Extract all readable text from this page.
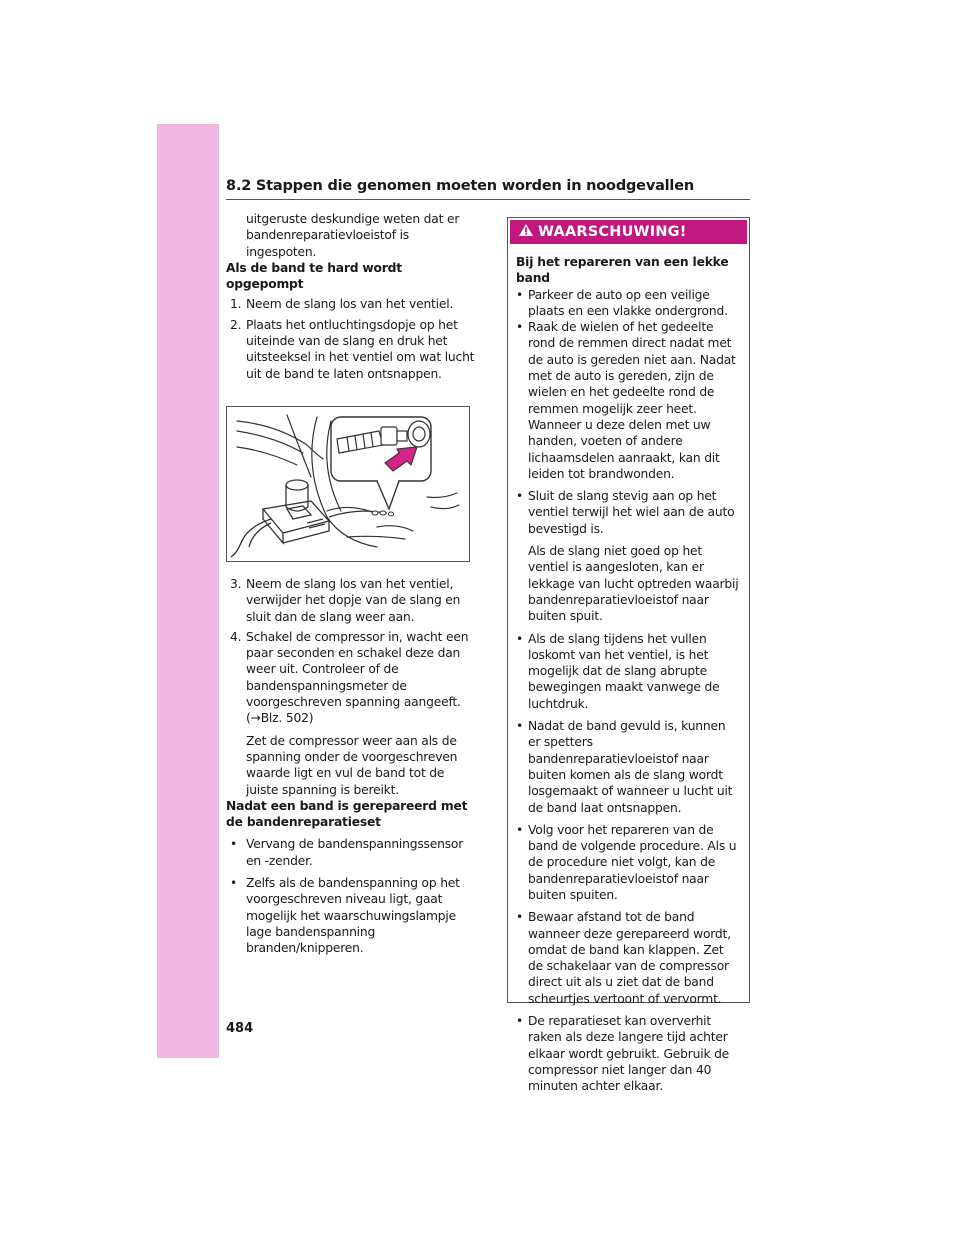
8.2 Stappen die genomen moeten worden in noodgevallen

uitgeruste deskundige weten dat er bandenreparatievloeistof is ingespoten.

Als de band te hard wordt opgepompt

1. Neem de slang los van het ventiel.

2. Plaats het ontluchtingsdopje op het uiteinde van de slang en druk het uitsteeksel in het ventiel om wat lucht uit de band te laten ontsnappen.

3. Neem de slang los van het ventiel, verwijder het dopje van de slang en sluit dan de slang weer aan.

4. Schakel de compressor in, wacht een paar seconden en schakel deze dan weer uit. Controleer of de bandenspanningsmeter de voorgeschreven spanning aangeeft. (→Blz. 502)

Zet de compressor weer aan als de spanning onder de voorgeschreven waarde ligt en vul de band tot de juiste spanning is bereikt.

Nadat een band is gerepareerd met de bandenreparatieset

• Vervang de bandenspanningssensor en -zender.

• Zelfs als de bandenspanning op het voorgeschreven niveau ligt, gaat mogelijk het waarschuwingslampje lage bandenspanning branden/knipperen.

WAARSCHUWING!

Bij het repareren van een lekke band

• Parkeer de auto op een veilige plaats en een vlakke ondergrond.

• Raak de wielen of het gedeelte rond de remmen direct nadat met de auto is gereden niet aan. Nadat met de auto is gereden, zijn de wielen en het gedeelte rond de remmen mogelijk zeer heet. Wanneer u deze delen met uw handen, voeten of andere lichaamsdelen aanraakt, kan dit leiden tot brandwonden.

• Sluit de slang stevig aan op het ventiel terwijl het wiel aan de auto bevestigd is.

Als de slang niet goed op het ventiel is aangesloten, kan er lekkage van lucht optreden waarbij bandenreparatievloeistof naar buiten spuit.

• Als de slang tijdens het vullen loskomt van het ventiel, is het mogelijk dat de slang abrupte bewegingen maakt vanwege de luchtdruk.

• Nadat de band gevuld is, kunnen er spetters bandenreparatievloeistof naar buiten komen als de slang wordt losgemaakt of wanneer u lucht uit de band laat ontsnappen.

• Volg voor het repareren van de band de volgende procedure. Als u de procedure niet volgt, kan de bandenreparatievloeistof naar buiten spuiten.

• Bewaar afstand tot de band wanneer deze gerepareerd wordt, omdat de band kan klappen. Zet de schakelaar van de compressor direct uit als u ziet dat de band scheurtjes vertoont of vervormt.

• De reparatieset kan oververhit raken als deze langere tijd achter elkaar wordt gebruikt. Gebruik de compressor niet langer dan 40 minuten achter elkaar.

484
